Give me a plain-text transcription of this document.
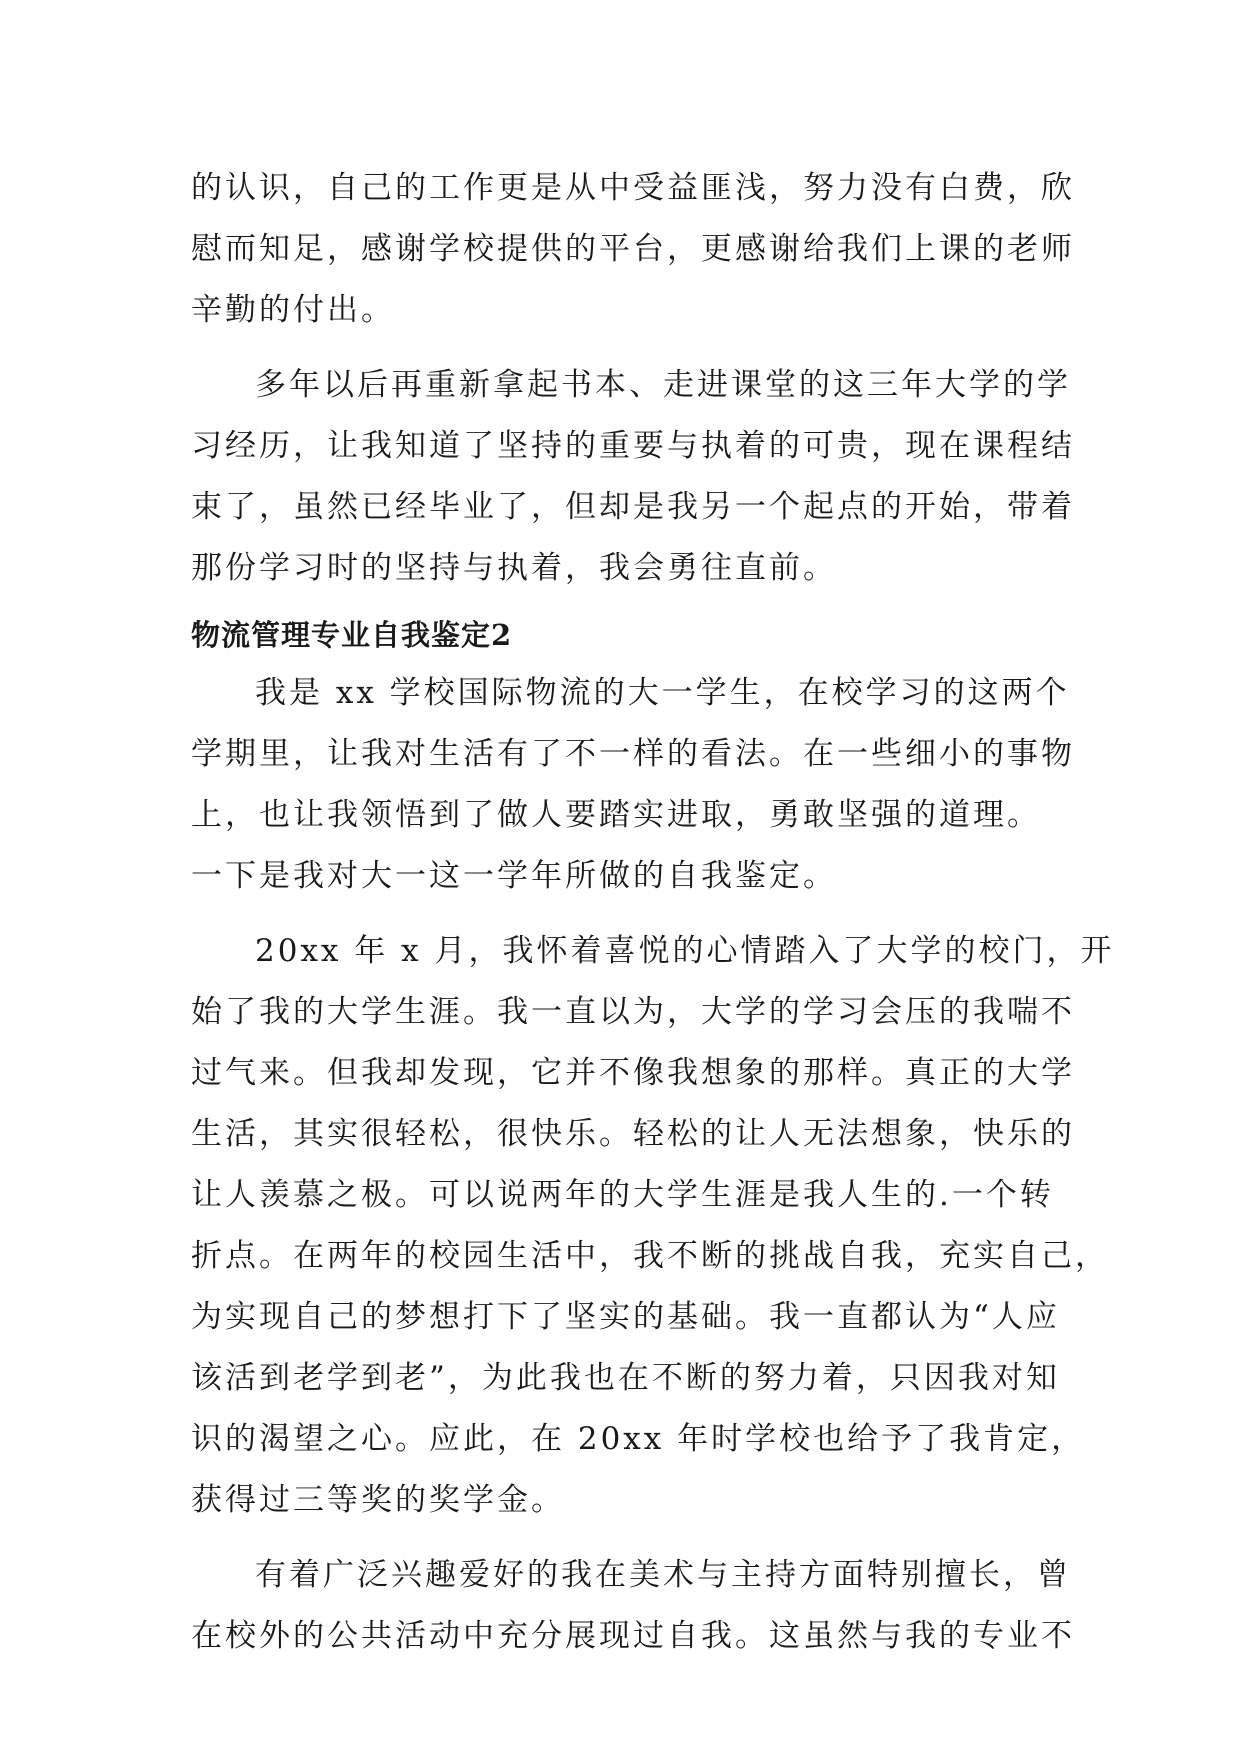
的认识，自己的工作更是从中受益匪浅，努力没有白费，欣
慰而知足，感谢学校提供的平台，更感谢给我们上课的老师
辛勤的付出。

多年以后再重新拿起书本、走进课堂的这三年大学的学
习经历，让我知道了坚持的重要与执着的可贵，现在课程结
束了，虽然已经毕业了，但却是我另一个起点的开始，带着
那份学习时的坚持与执着，我会勇往直前。

物流管理专业自我鉴定2

我是 xx 学校国际物流的大一学生，在校学习的这两个
学期里，让我对生活有了不一样的看法。在一些细小的事物
上，也让我领悟到了做人要踏实进取，勇敢坚强的道理。
一下是我对大一这一学年所做的自我鉴定。

20xx 年 x 月，我怀着喜悦的心情踏入了大学的校门，开
始了我的大学生涯。我一直以为，大学的学习会压的我喘不
过气来。但我却发现，它并不像我想象的那样。真正的大学
生活，其实很轻松，很快乐。轻松的让人无法想象，快乐的
让人羡慕之极。可以说两年的大学生涯是我人生的.一个转
折点。在两年的校园生活中，我不断的挑战自我，充实自己，
为实现自己的梦想打下了坚实的基础。我一直都认为“人应
该活到老学到老”，为此我也在不断的努力着，只因我对知
识的渴望之心。应此，在 20xx 年时学校也给予了我肯定，
获得过三等奖的奖学金。

有着广泛兴趣爱好的我在美术与主持方面特别擅长，曾
在校外的公共活动中充分展现过自我。这虽然与我的专业不
